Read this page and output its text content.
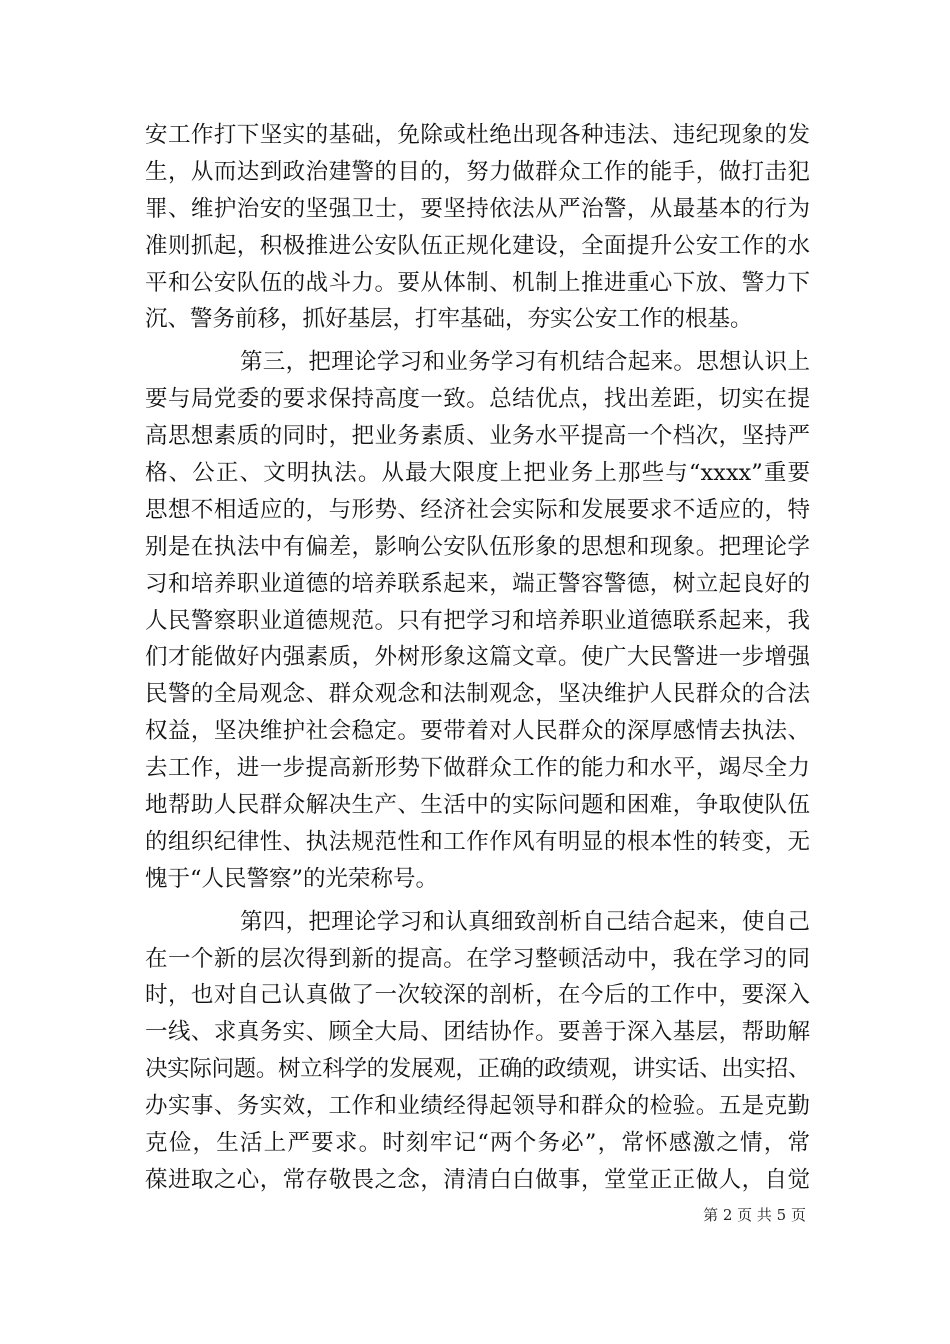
安工作打下坚实的基础，免除或杜绝出现各种违法、违纪现象的发
生，从而达到政治建警的目的，努力做群众工作的能手，做打击犯
罪、维护治安的坚强卫士，要坚持依法从严治警，从最基本的行为
准则抓起，积极推进公安队伍正规化建设，全面提升公安工作的水
平和公安队伍的战斗力。要从体制、机制上推进重心下放、警力下
沉、警务前移，抓好基层，打牢基础，夯实公安工作的根基。
第三，把理论学习和业务学习有机结合起来。思想认识上
要与局党委的要求保持高度一致。总结优点，找出差距，切实在提
高思想素质的同时，把业务素质、业务水平提高一个档次，坚持严
格、公正、文明执法。从最大限度上把业务上那些与“xxxx”重要
思想不相适应的，与形势、经济社会实际和发展要求不适应的，特
别是在执法中有偏差，影响公安队伍形象的思想和现象。把理论学
习和培养职业道德的培养联系起来，端正警容警德，树立起良好的
人民警察职业道德规范。只有把学习和培养职业道德联系起来，我
们才能做好内强素质，外树形象这篇文章。使广大民警进一步增强
民警的全局观念、群众观念和法制观念，坚决维护人民群众的合法
权益，坚决维护社会稳定。要带着对人民群众的深厚感情去执法、
去工作，进一步提高新形势下做群众工作的能力和水平，竭尽全力
地帮助人民群众解决生产、生活中的实际问题和困难，争取使队伍
的组织纪律性、执法规范性和工作作风有明显的根本性的转变，无
愧于“人民警察”的光荣称号。
第四，把理论学习和认真细致剖析自己结合起来，使自己
在一个新的层次得到新的提高。在学习整顿活动中，我在学习的同
时，也对自己认真做了一次较深的剖析，在今后的工作中，要深入
一线、求真务实、顾全大局、团结协作。要善于深入基层，帮助解
决实际问题。树立科学的发展观，正确的政绩观，讲实话、出实招、
办实事、务实效，工作和业绩经得起领导和群众的检验。五是克勤
克俭，生活上严要求。时刻牢记“两个务必”，常怀感激之情，常
葆进取之心，常存敬畏之念，清清白白做事，堂堂正正做人，自觉
第 2 页 共 5 页
